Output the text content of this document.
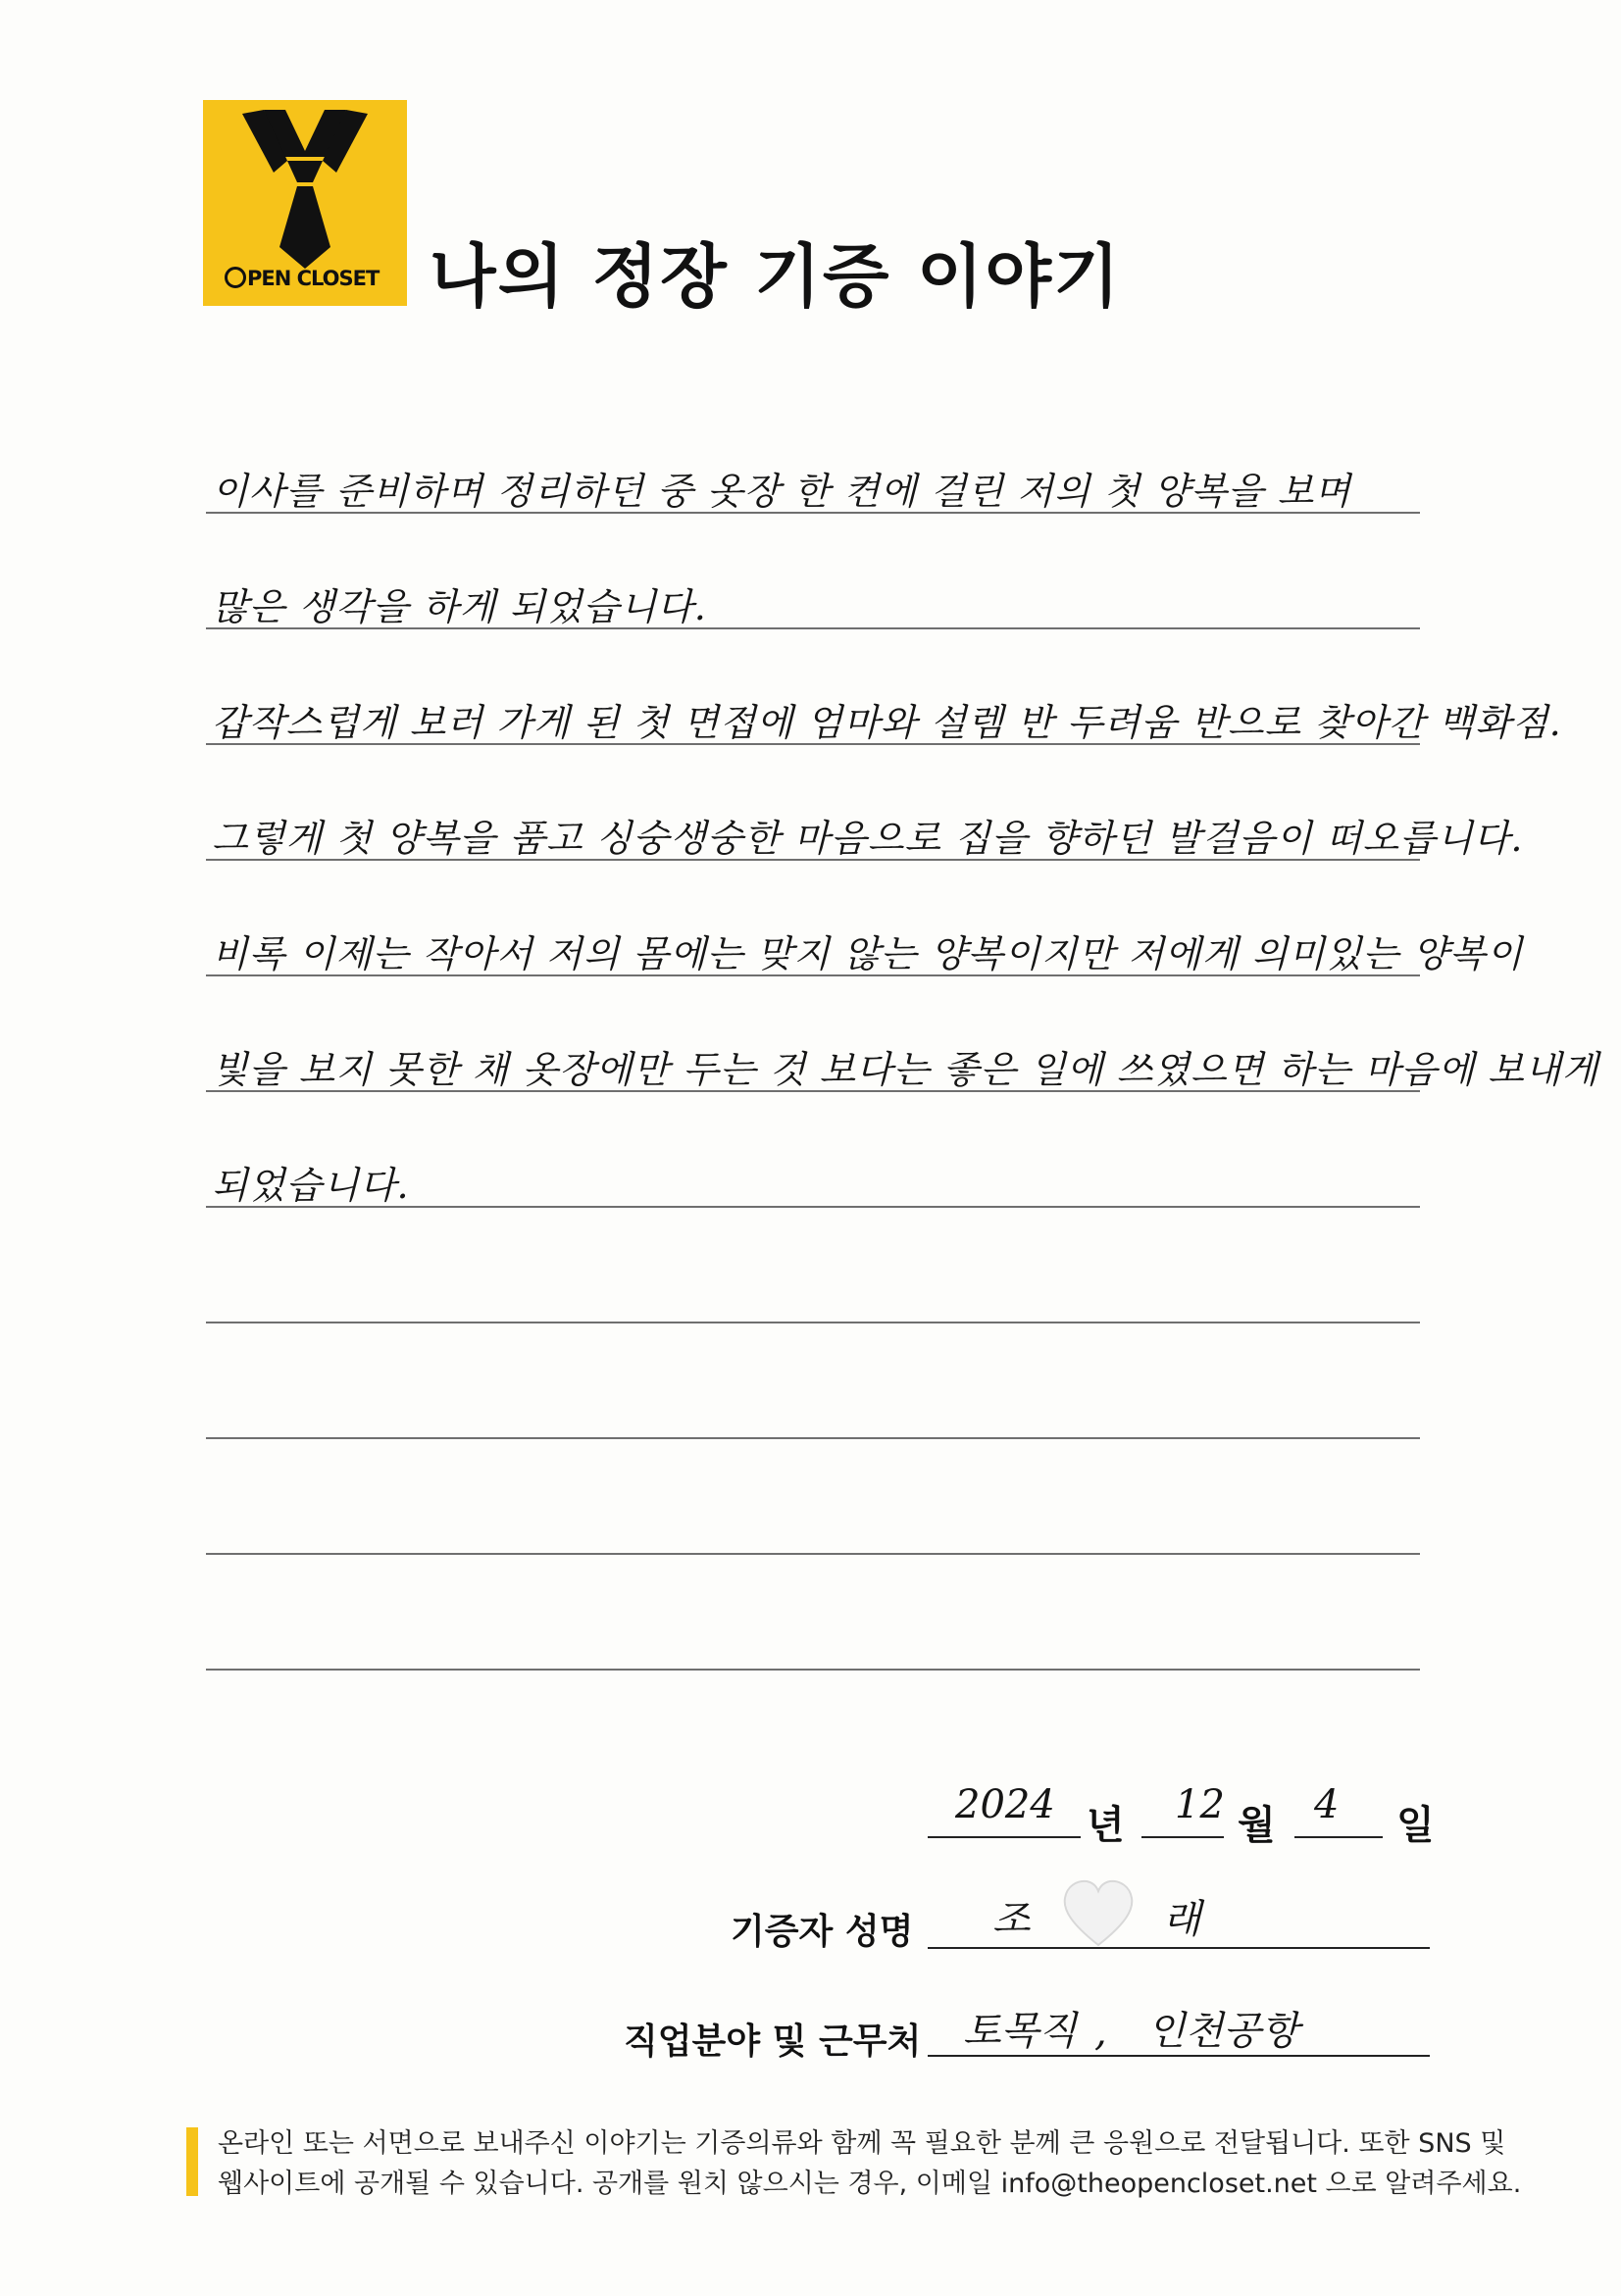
PEN CLOSET 나의 정장 기증 이야기
이사를 준비하며 정리하던 중 옷장 한 켠에 걸린 저의 첫 양복을 보며
많은 생각을 하게 되었습니다.
갑작스럽게 보러 가게 된 첫 면접에 엄마와 설렘 반 두려움 반으로 찾아간 백화점.
그렇게 첫 양복을 품고 싱숭생숭한 마음으로 집을 향하던 발걸음이 떠오릅니다.
비록 이제는 작아서 저의 몸에는 맞지 않는 양복이지만 저에게 의미있는 양복이
빛을 보지 못한 채 옷장에만 두는 것 보다는 좋은 일에 쓰였으면 하는 마음에 보내게
되었습니다.
2024 년 12 월 4 일
기증자 성명 조	래
직업분야 및 근무처 토목직 , 인천공항
온라인 또는 서면으로 보내주신 이야기는 기증의류와 함께 꼭 필요한 분께 큰 응원으로 전달됩니다. 또한 SNS 및
웹사이트에 공개될 수 있습니다. 공개를 원치 않으시는 경우, 이메일 info@theopencloset.net 으로 알려주세요.
